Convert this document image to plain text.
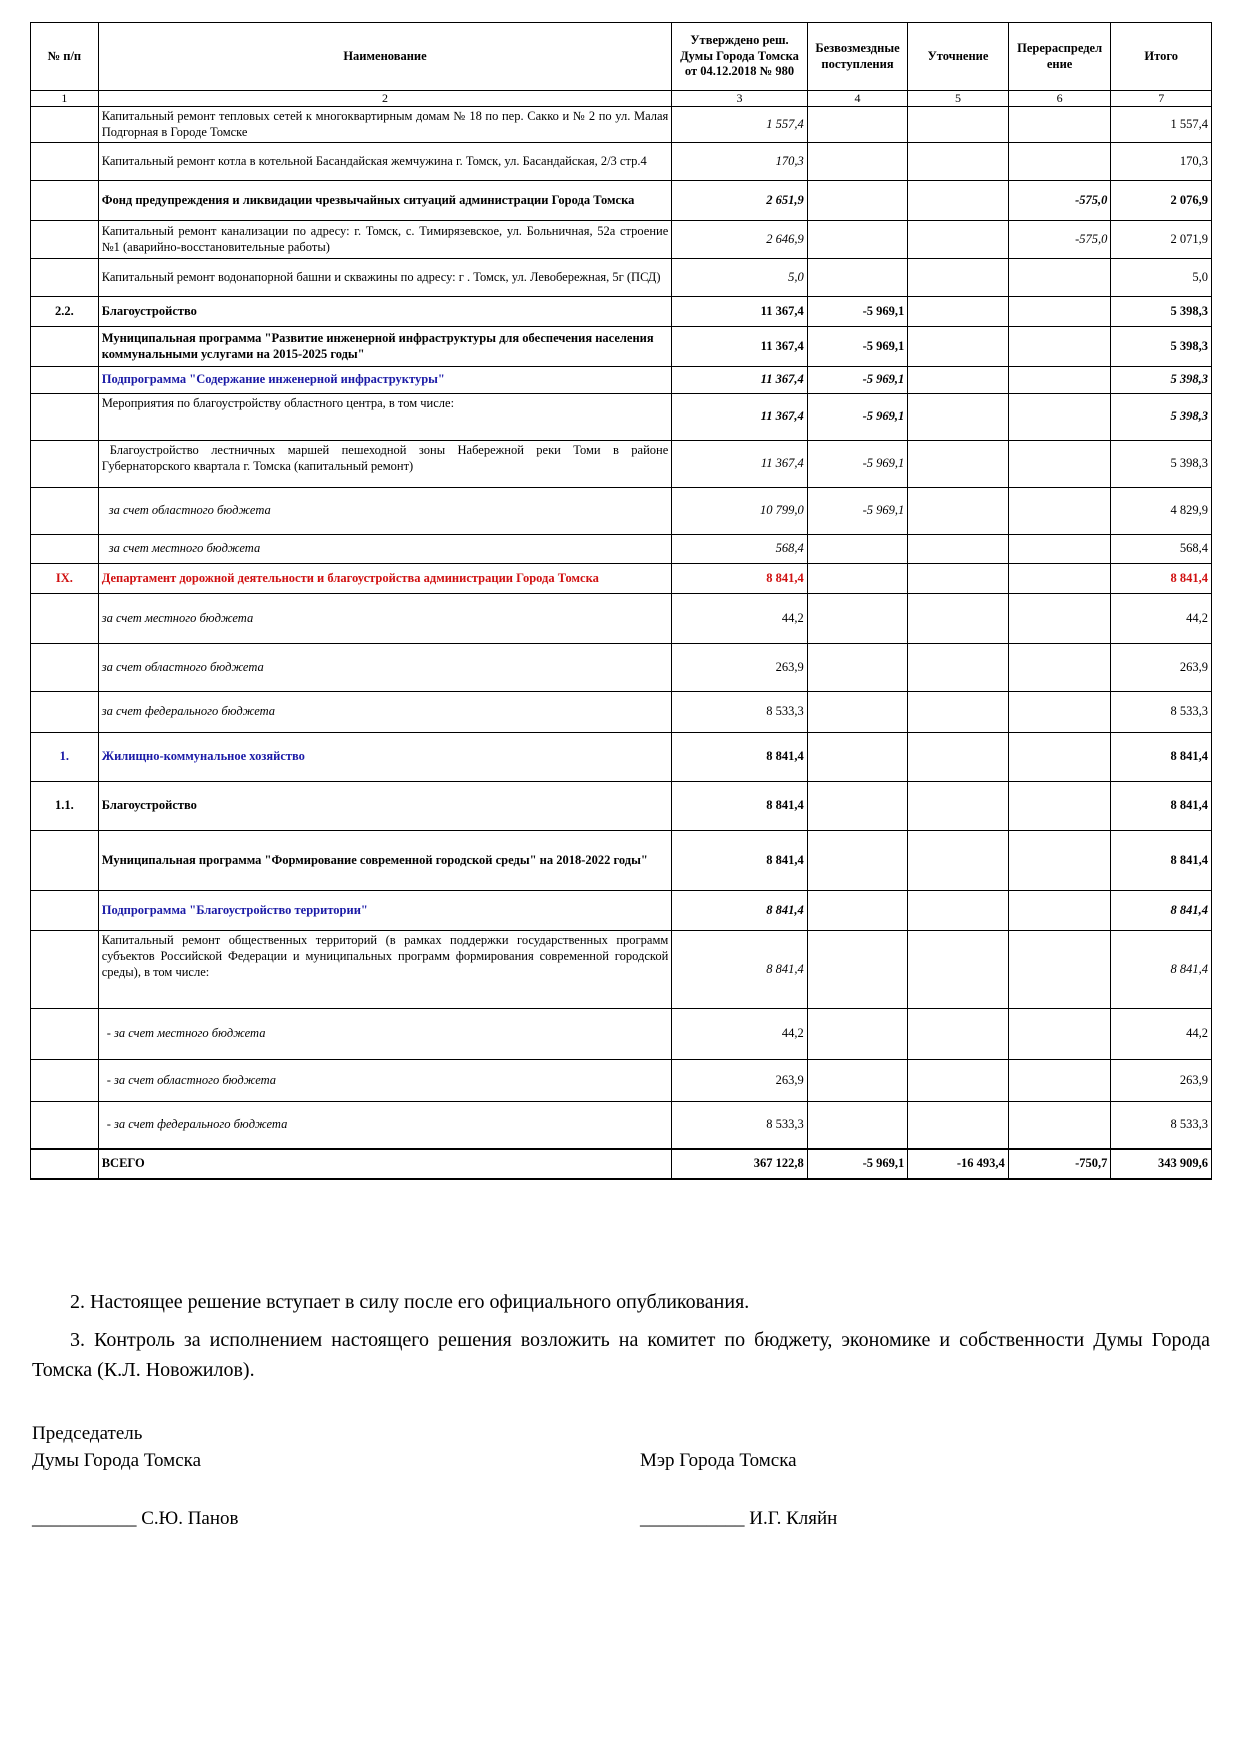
№ п/п	Наименование	Утверждено реш. Думы Города Томска от 04.12.2018 № 980	Безвозмездные поступления	Уточнение	Перераспредел ение	Итого
1	2	3	4	5	6	7
	Капитальный ремонт тепловых сетей к многоквартирным домам № 18 по пер. Сакко и № 2 по ул. Малая Подгорная в Городе Томске	1 557,4				1 557,4
	Капитальный ремонт котла в котельной Басандайская жемчужина г. Томск, ул. Басандайская, 2/3 стр.4	170,3				170,3
	Фонд предупреждения и ликвидации чрезвычайных ситуаций администрации Города Томска	2 651,9			-575,0	2 076,9
	Капитальный ремонт канализации по адресу: г. Томск, с. Тимирязевское, ул. Больничная, 52а строение №1 (аварийно-восстановительные работы)	2 646,9			-575,0	2 071,9
	Капитальный ремонт водонапорной башни и скважины по адресу: г . Томск, ул. Левобережная, 5г (ПСД)	5,0				5,0
2.2.	Благоустройство	11 367,4	-5 969,1			5 398,3
	Муниципальная программа "Развитие инженерной инфраструктуры для обеспечения населения коммунальными услугами на 2015-2025 годы"	11 367,4	-5 969,1			5 398,3
	Подпрограмма "Содержание инженерной инфраструктуры"	11 367,4	-5 969,1			5 398,3
	Мероприятия по благоустройству областного центра, в том числе:	11 367,4	-5 969,1			5 398,3
	Благоустройство лестничных маршей пешеходной зоны Набережной реки Томи в районе Губернаторского квартала г. Томска (капитальный ремонт)	11 367,4	-5 969,1			5 398,3
	за счет областного бюджета	10 799,0	-5 969,1			4 829,9
	за счет местного бюджета	568,4				568,4
IX.	Департамент дорожной деятельности и благоустройства администрации Города Томска	8 841,4				8 841,4
	за счет местного бюджета	44,2				44,2
	за счет областного бюджета	263,9				263,9
	за счет федерального бюджета	8 533,3				8 533,3
1.	Жилищно-коммунальное хозяйство	8 841,4				8 841,4
1.1.	Благоустройство	8 841,4				8 841,4
	Муниципальная программа "Формирование современной городской среды" на 2018-2022 годы"	8 841,4				8 841,4
	Подпрограмма "Благоустройство территории"	8 841,4				8 841,4
	Капитальный ремонт общественных территорий (в рамках поддержки государственных программ субъектов Российской Федерации и муниципальных программ формирования современной городской среды), в том числе:	8 841,4				8 841,4
	- за счет местного бюджета	44,2				44,2
	- за счет областного бюджета	263,9				263,9
	- за счет федерального бюджета	8 533,3				8 533,3
	ВСЕГО	367 122,8	-5 969,1	-16 493,4	-750,7	343 909,6
2. Настоящее решение вступает в силу после его официального опубликования.
3. Контроль за исполнением настоящего решения возложить на комитет по бюджету, экономике и собственности Думы Города Томска (К.Л. Новожилов).
Председатель
Думы Города Томска
___________ С.Ю. Панов
Мэр Города Томска
___________ И.Г. Кляйн
